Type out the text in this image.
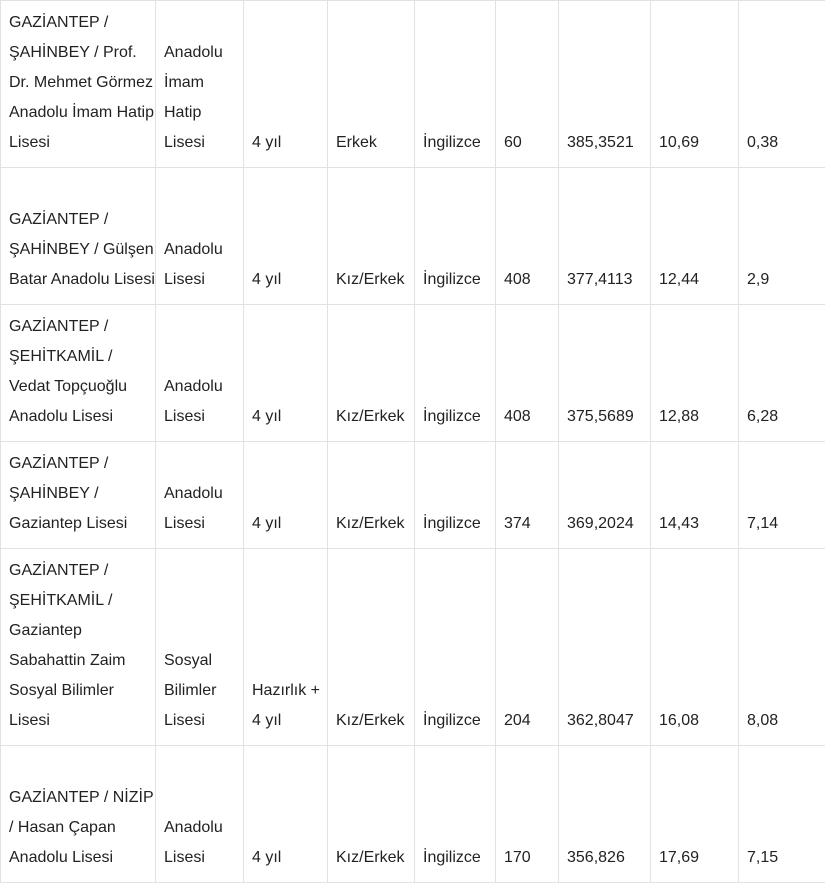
GAZİANTEP / ŞAHİNBEY / Prof. Dr. Mehmet Görmez Anadolu İmam Hatip Lisesi	Anadolu İmam Hatip Lisesi	4 yıl	Erkek	İngilizce	60	385,3521	10,69	0,38
GAZİANTEP / ŞAHİNBEY / Gülşen Batar Anadolu Lisesi	Anadolu Lisesi	4 yıl	Kız/Erkek	İngilizce	408	377,4113	12,44	2,9
GAZİANTEP / ŞEHİTKAMİL / Vedat Topçuoğlu Anadolu Lisesi	Anadolu Lisesi	4 yıl	Kız/Erkek	İngilizce	408	375,5689	12,88	6,28
GAZİANTEP / ŞAHİNBEY / Gaziantep Lisesi	Anadolu Lisesi	4 yıl	Kız/Erkek	İngilizce	374	369,2024	14,43	7,14
GAZİANTEP / ŞEHİTKAMİL / Gaziantep Sabahattin Zaim Sosyal Bilimler Lisesi	Sosyal Bilimler Lisesi	Hazırlık + 4 yıl	Kız/Erkek	İngilizce	204	362,8047	16,08	8,08
GAZİANTEP / NİZİP / Hasan Çapan Anadolu Lisesi	Anadolu Lisesi	4 yıl	Kız/Erkek	İngilizce	170	356,826	17,69	7,15
